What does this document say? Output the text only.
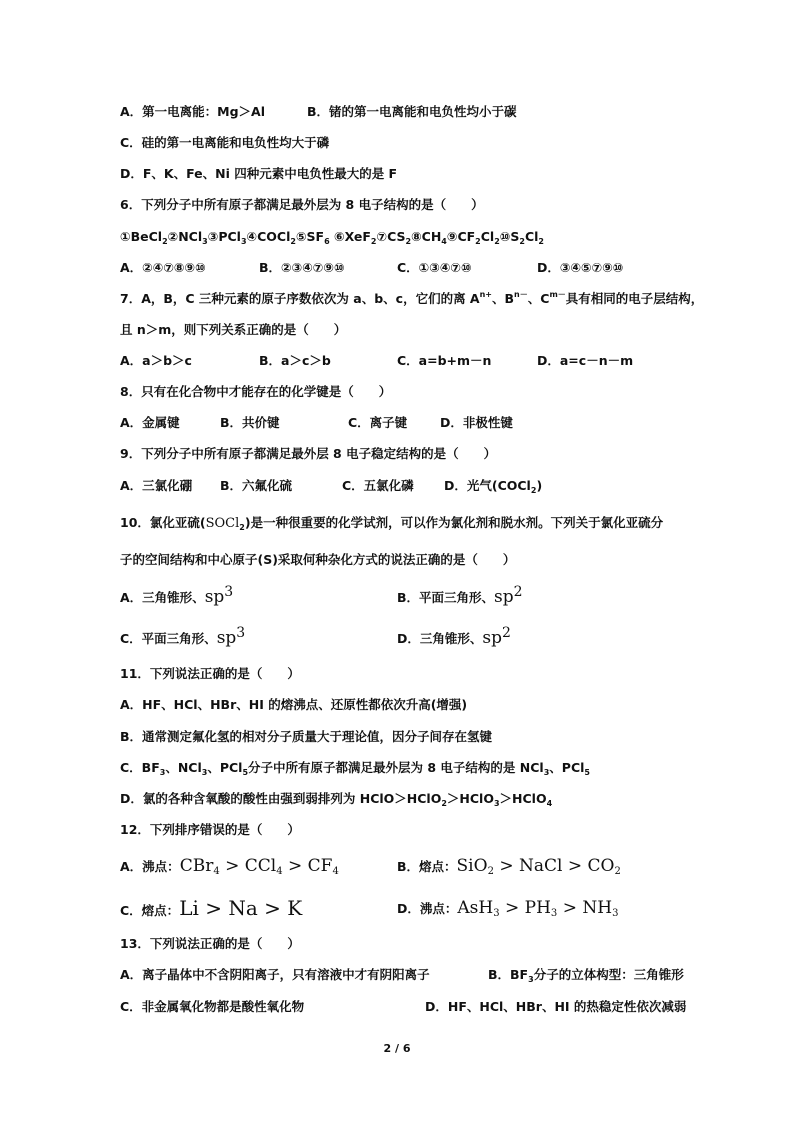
A．第一电离能：Mg＞Al	B．锗的第一电离能和电负性均小于碳
C．硅的第一电离能和电负性均大于磷
D．F、K、Fe、Ni 四种元素中电负性最大的是 F
6．下列分子中所有原子都满足最外层为 8 电子结构的是（　　）
$①BeCl_2②NCl_3③PCl_3④COCl_2⑤SF_6$ $⑥XeF_2⑦CS_2⑧CH_4⑨CF_2Cl_2⑩S_2Cl_2$
A．②④⑦⑧⑨⑩	B．②③④⑦⑨⑩	C．①③④⑦⑩	D．③④⑤⑦⑨⑩
7．A，B，C 三种元素的原子序数依次为 a、b、c，它们的离 $A^{n+}$、$B^{n-}$、$C^{m-}$具有相同的电子层结构，
且 n＞m，则下列关系正确的是（　　）
A．a＞b＞c	B．a＞c＞b	C．a=b+m－n	D．a=c－n－m
8．只有在化合物中才能存在的化学键是（　　）
A．金属键	B．共价键	C．离子键	D．非极性键
9．下列分子中所有原子都满足最外层 8 电子稳定结构的是（　　）
A．三氯化硼 B．六氟化硫	C．五氯化磷 D．光气(COCl$_2$)
10．氯化亚硫(SOCl$_2$)是一种很重要的化学试剂，可以作为氯化剂和脱水剂。下列关于氯化亚硫分
子的空间结构和中心原子(S)采取何种杂化方式的说法正确的是（　　）
A．三角锥形、$sp^3$	B．平面三角形、$sp^2$
C．平面三角形、$sp^3$	D．三角锥形、$sp^2$
11．下列说法正确的是（　　）
A．HF、HCl、HBr、HI 的熔沸点、还原性都依次升高(增强)
B．通常测定氟化氢的相对分子质量大于理论值，因分子间存在氢键
C．$BF_3$、NCl$_3$、PCl$_5$分子中所有原子都满足最外层为 8 电子结构的是 NCl$_3$、PCl$_5$
D．氯的各种含氧酸的酸性由强到弱排列为 HClO＞HClO$_2$＞HClO$_3$＞HClO$_4$
12．下列排序错误的是（　　）
A．沸点：$CBr_4 > CCl_4 > CF_4$	B．熔点：SiO$_2$ > NaCl > $CO_2$
C．熔点：Li > Na > K	D．沸点：$AsH_3 > PH_3 > NH_3$
13．下列说法正确的是（　　）
A．离子晶体中不含阴阳离子，只有溶液中才有阴阳离子	B．$BF_3$分子的立体构型：三角锥形
C．非金属氧化物都是酸性氧化物	D．HF、HCl、HBr、HI 的热稳定性依次减弱
2 / 6
